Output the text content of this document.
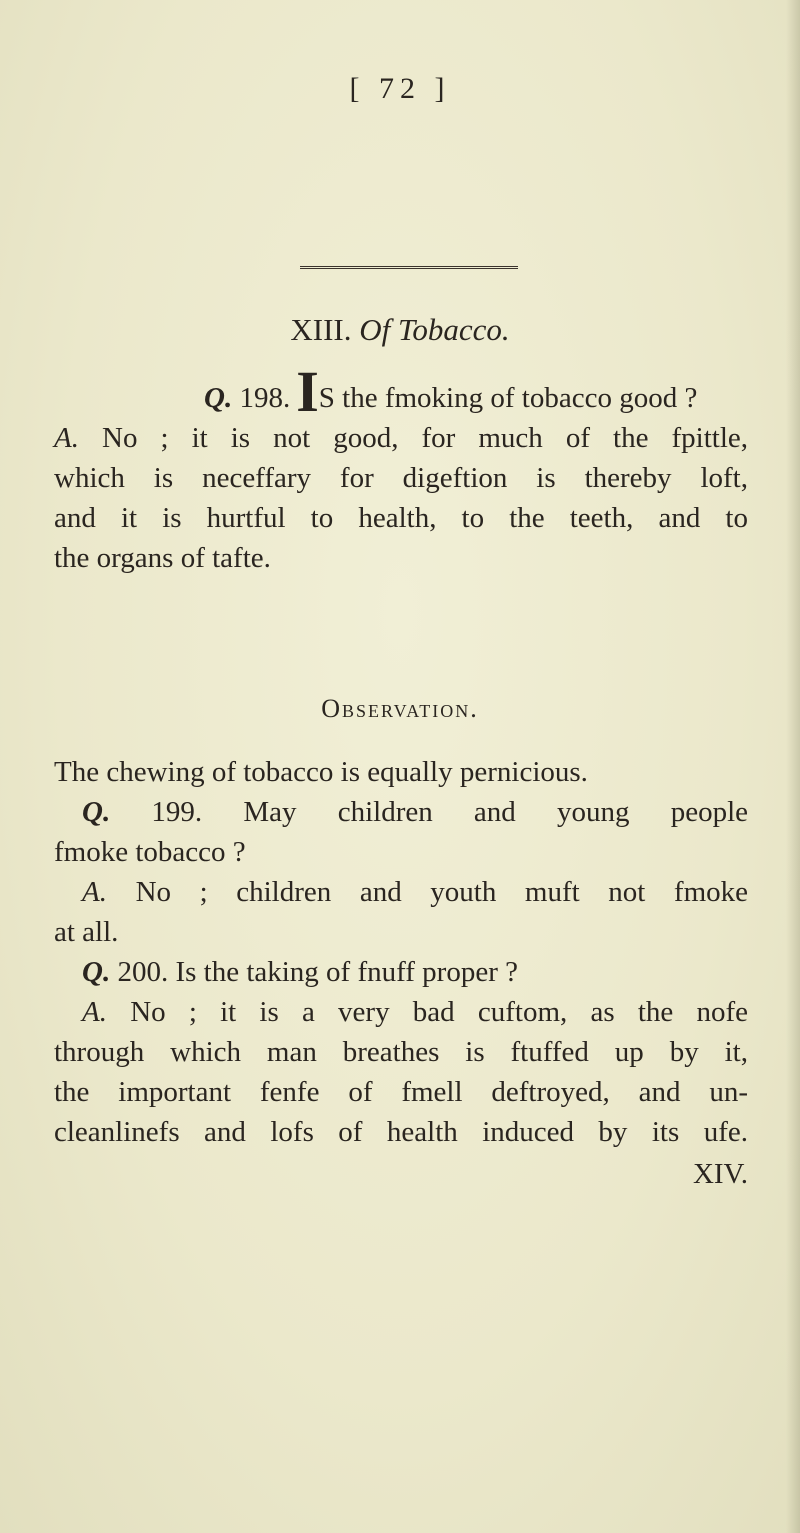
[ 72 ]
XIII. Of Tobacco.
Q. 198. IS the fmoking of tobacco good ?
A. No ; it is not good, for much of the fpittle,
which is neceffary for digeftion is thereby loft,
and it is hurtful to health, to the teeth, and to
the organs of tafte.
Observation.
The chewing of tobacco is equally pernicious.
Q. 199. May children and young people
fmoke tobacco ?
A. No ; children and youth muft not fmoke
at all.
Q. 200. Is the taking of fnuff proper ?
A. No ; it is a very bad cuftom, as the nofe
through which man breathes is ftuffed up by it,
the important fenfe of fmell deftroyed, and un-
cleanlinefs and lofs of health induced by its ufe.
XIV.
